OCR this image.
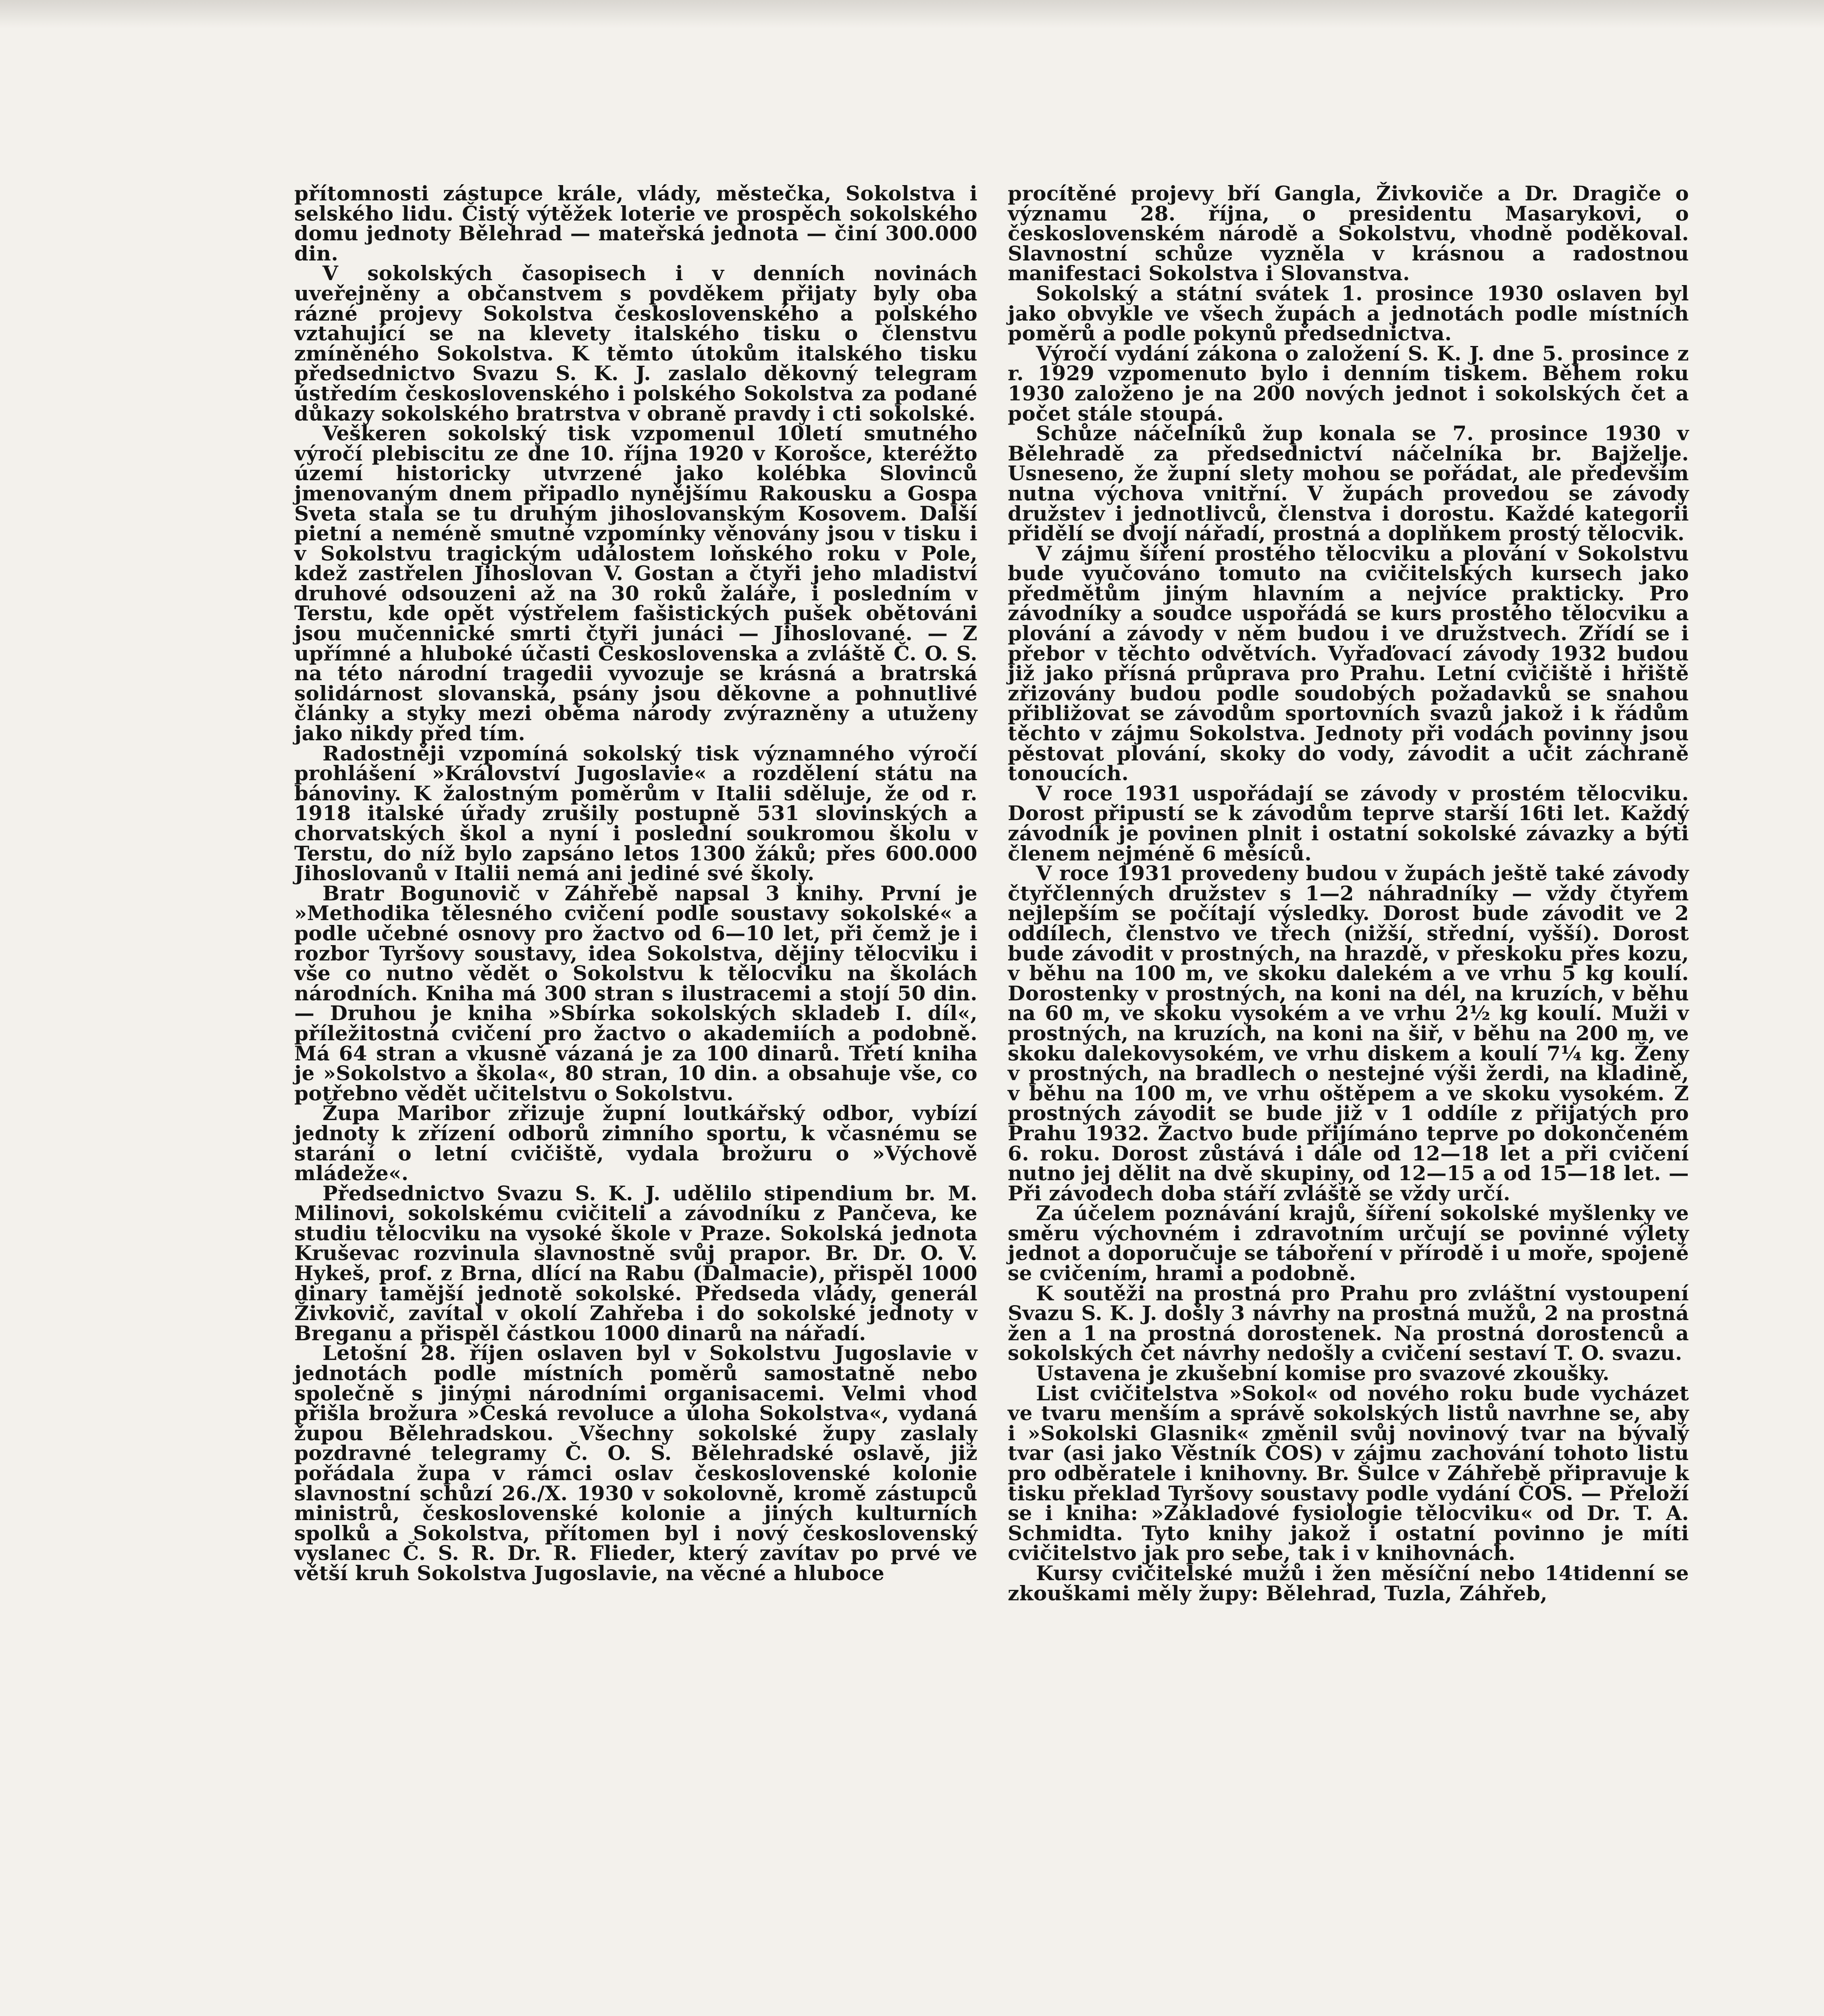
přítomnosti zástupce krále, vlády, městečka, Sokolstva i selského lidu. Čistý výtěžek loterie ve prospěch sokolského domu jednoty Bělehrad — mateřská jednota — činí 300.000 din.

V sokolských časopisech i v denních novinách uveřejněny a občanstvem s povděkem přijaty byly oba rázné projevy Sokolstva československého a polského vztahující se na klevety italského tisku o členstvu zmíněného Sokolstva. K těmto útokům italského tisku předsednictvo Svazu S. K. J. zaslalo děkovný telegram ústředím československého i polského Sokolstva za podané důkazy sokolského bratrstva v obraně pravdy i cti sokolské.

Veškeren sokolský tisk vzpomenul 10letí smutného výročí plebiscitu ze dne 10. října 1920 v Korošce, kteréžto území historicky utvrzené jako kolébka Slovinců jmenovaným dnem připadlo nynějšímu Rakousku a Gospa Sveta stala se tu druhým jihoslovanským Kosovem. Další pietní a neméně smutné vzpomínky věnovány jsou v tisku i v Sokolstvu tragickým událostem loňského roku v Pole, kdež zastřelen Jihoslovan V. Gostan a čtyři jeho mladiství druhové odsouzeni až na 30 roků žaláře, i posledním v Terstu, kde opět výstřelem fašistických pušek obětováni jsou mučennické smrti čtyři junáci — Jihoslované. — Z upřímné a hluboké účasti Československa a zvláště Č. O. S. na této národní tragedii vyvozuje se krásná a bratrská solidárnost slovanská, psány jsou děkovne a pohnutlivé články a styky mezi oběma národy zvýrazněny a utuženy jako nikdy před tím.

Radostněji vzpomíná sokolský tisk významného výročí prohlášení »Království Jugoslavie« a rozdělení státu na bánoviny. K žalostným poměrům v Italii sděluje, že od r. 1918 italské úřady zrušily postupně 531 slovinských a chorvatských škol a nyní i poslední soukromou školu v Terstu, do níž bylo zapsáno letos 1300 žáků; přes 600.000 Jihoslovanů v Italii nemá ani jediné své školy.

Bratr Bogunovič v Záhřebě napsal 3 knihy. První je »Methodika tělesného cvičení podle soustavy sokolské« a podle učebné osnovy pro žactvo od 6—10 let, při čemž je i rozbor Tyršovy soustavy, idea Sokolstva, dějiny tělocviku i vše co nutno vědět o Sokolstvu k tělocviku na školách národních. Kniha má 300 stran s ilustracemi a stojí 50 din. — Druhou je kniha »Sbírka sokolských skladeb I. díl«, příležitostná cvičení pro žactvo o akademiích a podobně. Má 64 stran a vkusně vázaná je za 100 dinarů. Třetí kniha je »Sokolstvo a škola«, 80 stran, 10 din. a obsahuje vše, co potřebno vědět učitelstvu o Sokolstvu.

Župa Maribor zřizuje župní loutkářský odbor, vybízí jednoty k zřízení odborů zimního sportu, k včasnému se starání o letní cvičiště, vydala brožuru o »Výchově mládeže«.

Předsednictvo Svazu S. K. J. udělilo stipendium br. M. Milinovi, sokolskému cvičiteli a závodníku z Pančeva, ke studiu tělocviku na vysoké škole v Praze. Sokolská jednota Kruševac rozvinula slavnostně svůj prapor. Br. Dr. O. V. Hykeš, prof. z Brna, dlící na Rabu (Dalmacie), přispěl 1000 dinary tamější jednotě sokolské. Předseda vlády, generál Živkovič, zavítal v okolí Zahřeba i do sokolské jednoty v Breganu a přispěl částkou 1000 dinarů na nářadí.

Letošní 28. říjen oslaven byl v Sokolstvu Jugoslavie v jednotách podle místních poměrů samostatně nebo společně s jinými národními organisacemi. Velmi vhod přišla brožura »Česká revoluce a úloha Sokolstva«, vydaná župou Bělehradskou. Všechny sokolské župy zaslaly pozdravné telegramy Č. O. S. Bělehradské oslavě, jiż pořádala župa v rámci oslav československé kolonie slavnostní schůzí 26./X. 1930 v sokolovně, kromě zástupců ministrů, československé kolonie a jiných kulturních spolků a Sokolstva, přítomen byl i nový československý vyslanec Č. S. R. Dr. R. Flieder, který zavítav po prvé ve větší kruh Sokolstva Jugoslavie, na věcné a hluboce

procítěné projevy bří Gangla, Živkoviče a Dr. Dragiče o významu 28. října, o presidentu Masarykovi, o československém národě a Sokolstvu, vhodně poděkoval. Slavnostní schůze vyzněla v krásnou a radostnou manifestaci Sokolstva i Slovanstva.

Sokolský a státní svátek 1. prosince 1930 oslaven byl jako obvykle ve všech župách a jednotách podle místních poměrů a podle pokynů předsednictva.

Výročí vydání zákona o založení S. K. J. dne 5. prosince z r. 1929 vzpomenuto bylo i denním tiskem. Během roku 1930 založeno je na 200 nových jednot i sokolských čet a počet stále stoupá.

Schůze náčelníků žup konala se 7. prosince 1930 v Bělehradě za předsednictví náčelníka br. Bajželje. Usneseno, že župní slety mohou se pořádat, ale především nutna výchova vnitřní. V župách provedou se závody družstev i jednotlivců, členstva i dorostu. Každé kategorii přidělí se dvojí nářadí, prostná a doplňkem prostý tělocvik.

V zájmu šíření prostého tělocviku a plování v Sokolstvu bude vyučováno tomuto na cvičitelských kursech jako předmětům jiným hlavním a nejvíce prakticky. Pro závodníky a soudce uspořádá se kurs prostého tělocviku a plování a závody v něm budou i ve družstvech. Zřídí se i přebor v těchto odvětvích. Vyřaďovací závody 1932 budou již jako přísná průprava pro Prahu. Letní cvičiště i hřiště zřizovány budou podle soudobých požadavků se snahou přibližovat se závodům sportovních svazů jakož i k řádům těchto v zájmu Sokolstva. Jednoty při vodách povinny jsou pěstovat plování, skoky do vody, závodit a učit záchraně tonoucích.

V roce 1931 uspořádají se závody v prostém tělocviku. Dorost připustí se k závodům teprve starší 16ti let. Každý závodník je povinen plnit i ostatní sokolské závazky a býti členem nejméně 6 měsíců.

V roce 1931 provedeny budou v župách ještě také závody čtyřčlenných družstev s 1—2 náhradníky — vždy čtyřem nejlepším se počítají výsledky. Dorost bude závodit ve 2 oddílech, členstvo ve třech (nižší, střední, vyšší). Dorost bude závodit v prostných, na hrazdě, v přeskoku přes kozu, v běhu na 100 m, ve skoku dalekém a ve vrhu 5 kg koulí. Dorostenky v prostných, na koni na dél, na kruzích, v běhu na 60 m, ve skoku vysokém a ve vrhu 2½ kg koulí. Muži v prostných, na kruzích, na koni na šiř, v běhu na 200 m, ve skoku dalekovysokém, ve vrhu diskem a koulí 7¼ kg. Ženy v prostných, na bradlech o nestejné výši žerdi, na kladině, v běhu na 100 m, ve vrhu oštěpem a ve skoku vysokém. Z prostných závodit se bude již v 1 oddíle z přijatých pro Prahu 1932. Žactvo bude přijímáno teprve po dokončeném 6. roku. Dorost zůstává i dále od 12—18 let a při cvičení nutno jej dělit na dvě skupiny, od 12—15 a od 15—18 let. — Při závodech doba stáří zvláště se vždy určí.

Za účelem poznávání krajů, šíření sokolské myšlenky ve směru výchovném i zdravotním určují se povinné výlety jednot a doporučuje se táboření v přírodě i u moře, spojené se cvičením, hrami a podobně.

K soutěži na prostná pro Prahu pro zvláštní vystoupení Svazu S. K. J. došly 3 návrhy na prostná mužů, 2 na prostná žen a 1 na prostná dorostenek. Na prostná dorostenců a sokolských čet návrhy nedošly a cvičení sestaví T. O. svazu.

Ustavena je zkušební komise pro svazové zkoušky.

List cvičitelstva »Sokol« od nového roku bude vycházet ve tvaru menším a správě sokolských listů navrhne se, aby i »Sokolski Glasnik« změnil svůj novinový tvar na bývalý tvar (asi jako Věstník ČOS) v zájmu zachování tohoto listu pro odběratele i knihovny. Br. Šulce v Záhřebě připravuje k tisku překlad Tyršovy soustavy podle vydání ČOS. — Přeloží se i kniha: »Základové fysiologie tělocviku« od Dr. T. A. Schmidta. Tyto knihy jakož i ostatní povinno je míti cvičitelstvo jak pro sebe, tak i v knihovnách.

Kursy cvičitelské mužů i žen měsíční nebo 14tidenní se zkouškami měly župy: Bělehrad, Tuzla, Záhřeb,
